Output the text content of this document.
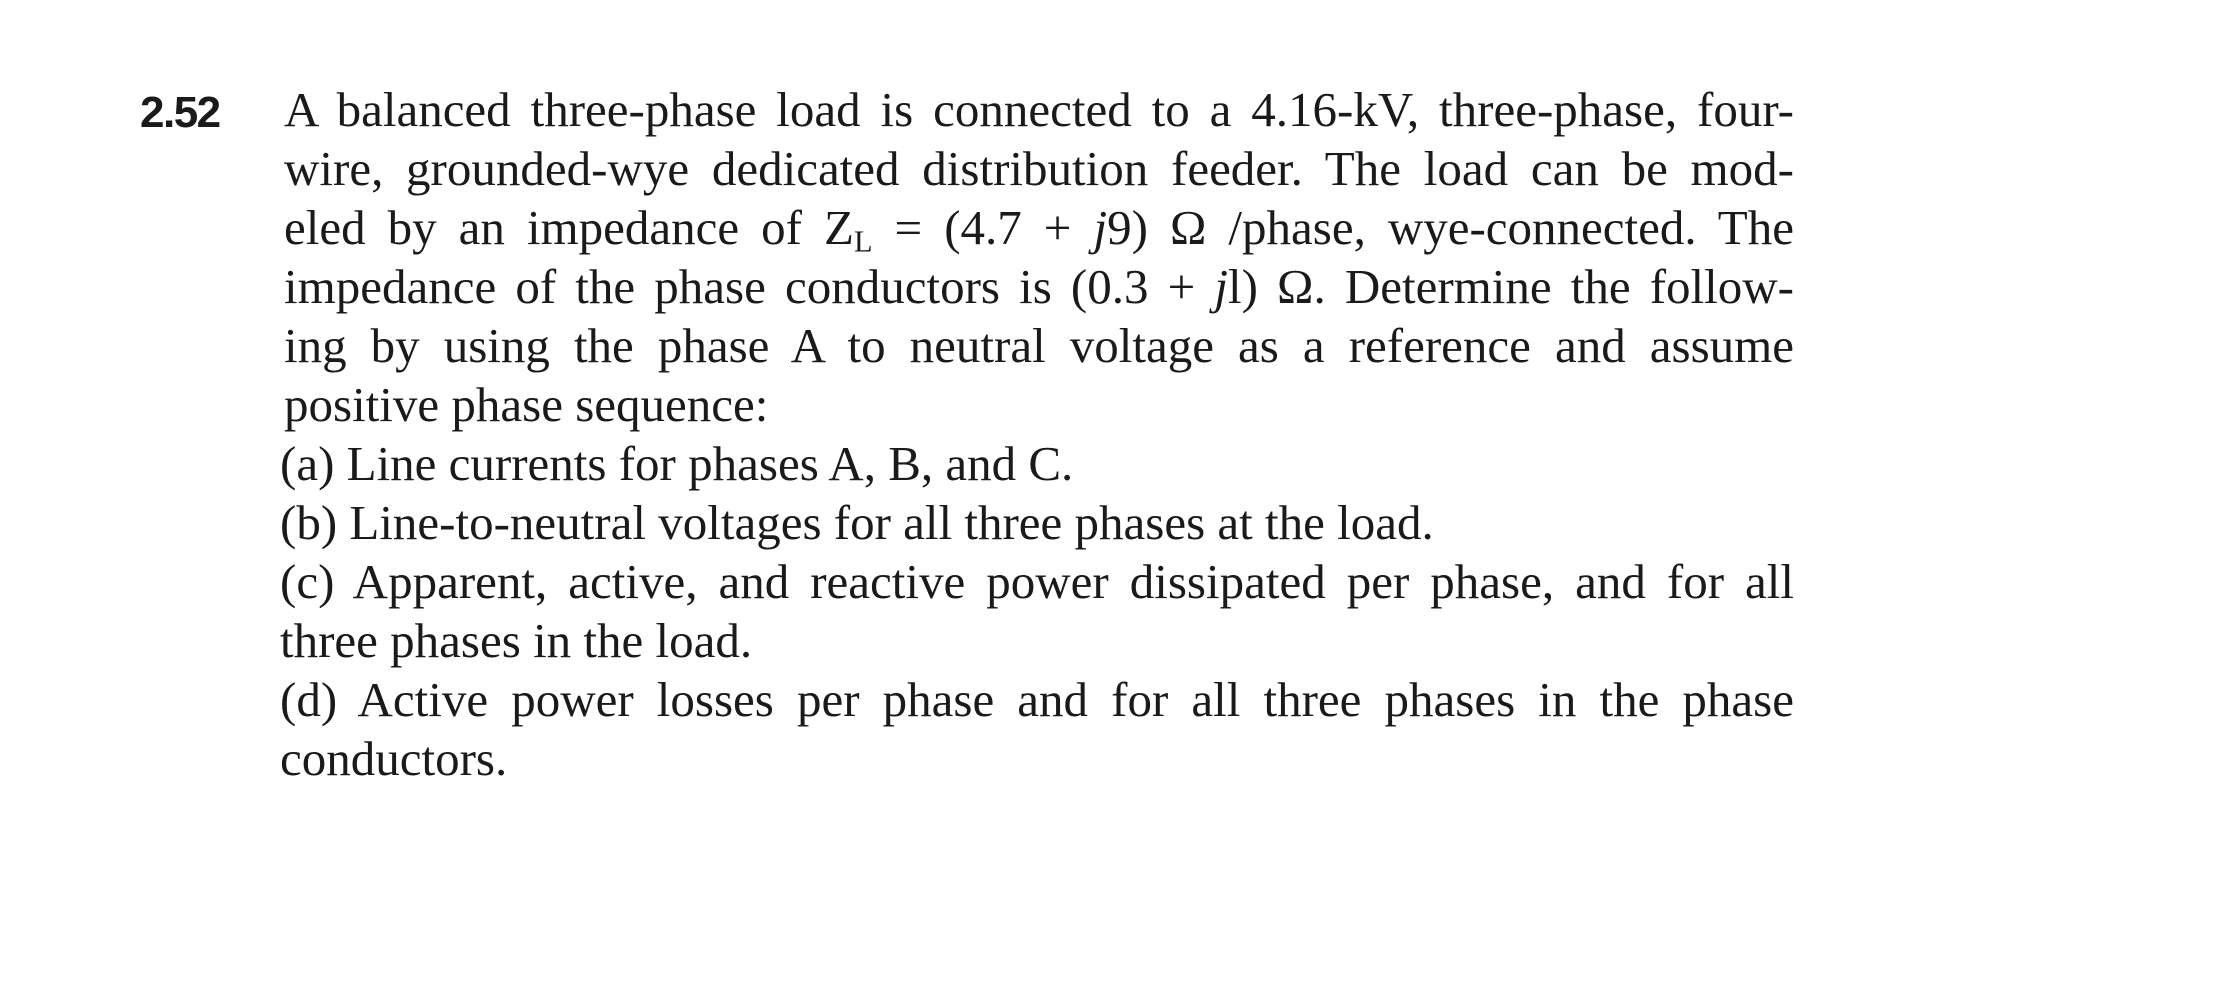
2.52 A balanced three-phase load is connected to a 4.16-kV, three-phase, four-
wire, grounded-wye dedicated distribution feeder. The load can be mod-
eled by an impedance of $Z_L = (4.7 + j9)$ Ω /phase, wye-connected. The
impedance of the phase conductors is (0.3 + jl) Ω. Determine the follow-
ing by using the phase A to neutral voltage as a reference and assume
positive phase sequence:
(a) Line currents for phases A, B, and C.
(b) Line-to-neutral voltages for all three phases at the load.
(c) Apparent, active, and reactive power dissipated per phase, and for all
three phases in the load.
(d) Active power losses per phase and for all three phases in the phase
conductors.
